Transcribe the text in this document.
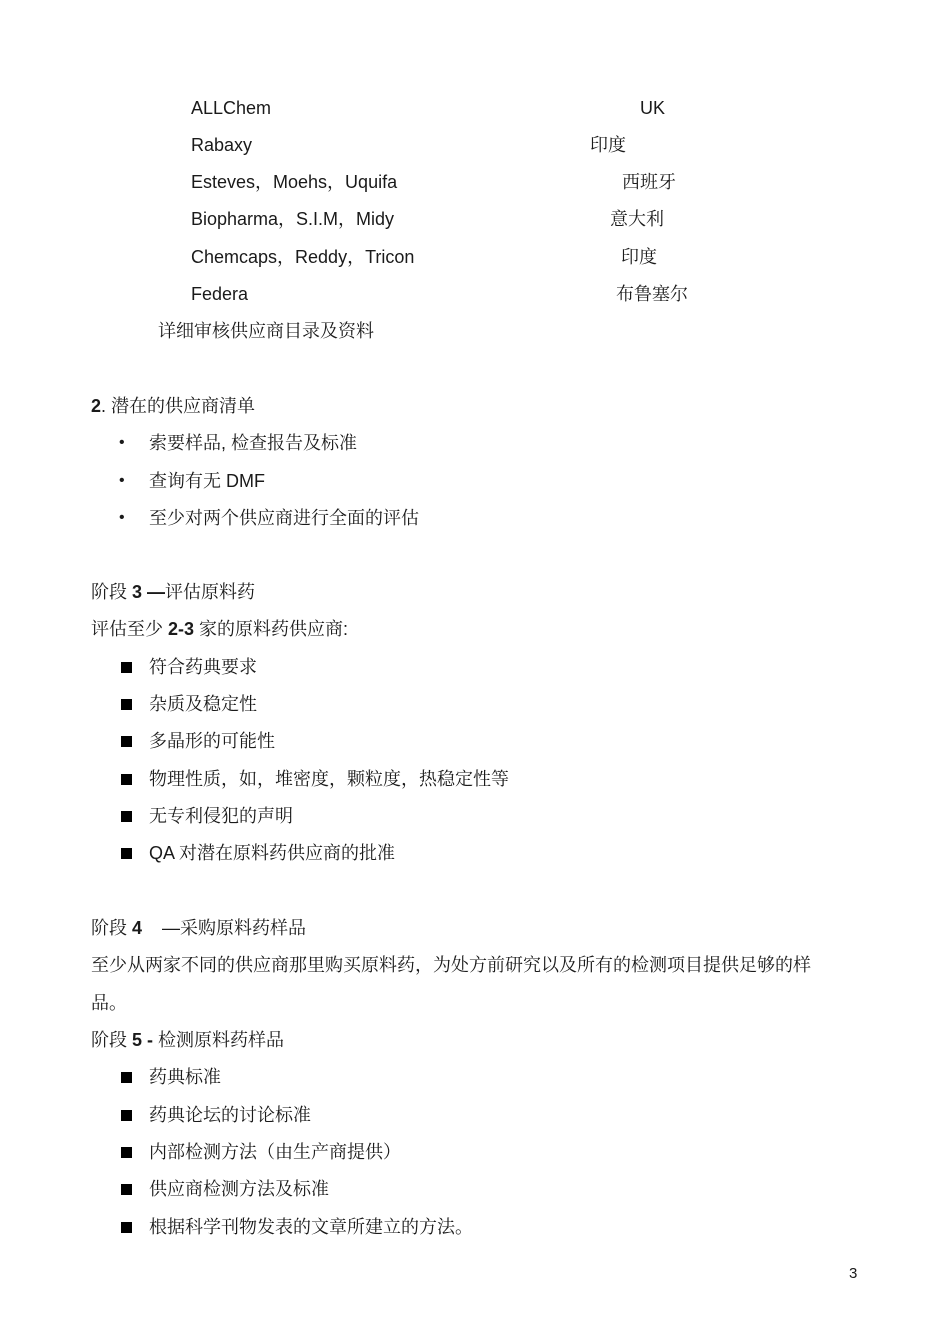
ALLChem	UK
Rabaxy	印度
Esteves，Moehs，Uquifa	西班牙
Biopharma，S.I.M，Midy	意大利
Chemcaps，Reddy，Tricon	印度
Federa	布鲁塞尔
详细审核供应商目录及资料
2. 潜在的供应商清单
• 索要样品, 检查报告及标准
• 查询有无 DMF
• 至少对两个供应商进行全面的评估
阶段 3 —评估原料药
评估至少 2-3 家的原料药供应商:
符合药典要求
杂质及稳定性
多晶形的可能性
物理性质，如，堆密度，颗粒度，热稳定性等
无专利侵犯的声明
QA 对潜在原料药供应商的批准
阶段 4 —采购原料药样品
至少从两家不同的供应商那里购买原料药，为处方前研究以及所有的检测项目提供足够的样
品。
阶段 5 - 检测原料药样品
药典标准
药典论坛的讨论标准
内部检测方法（由生产商提供）
供应商检测方法及标准
根据科学刊物发表的文章所建立的方法。
3
